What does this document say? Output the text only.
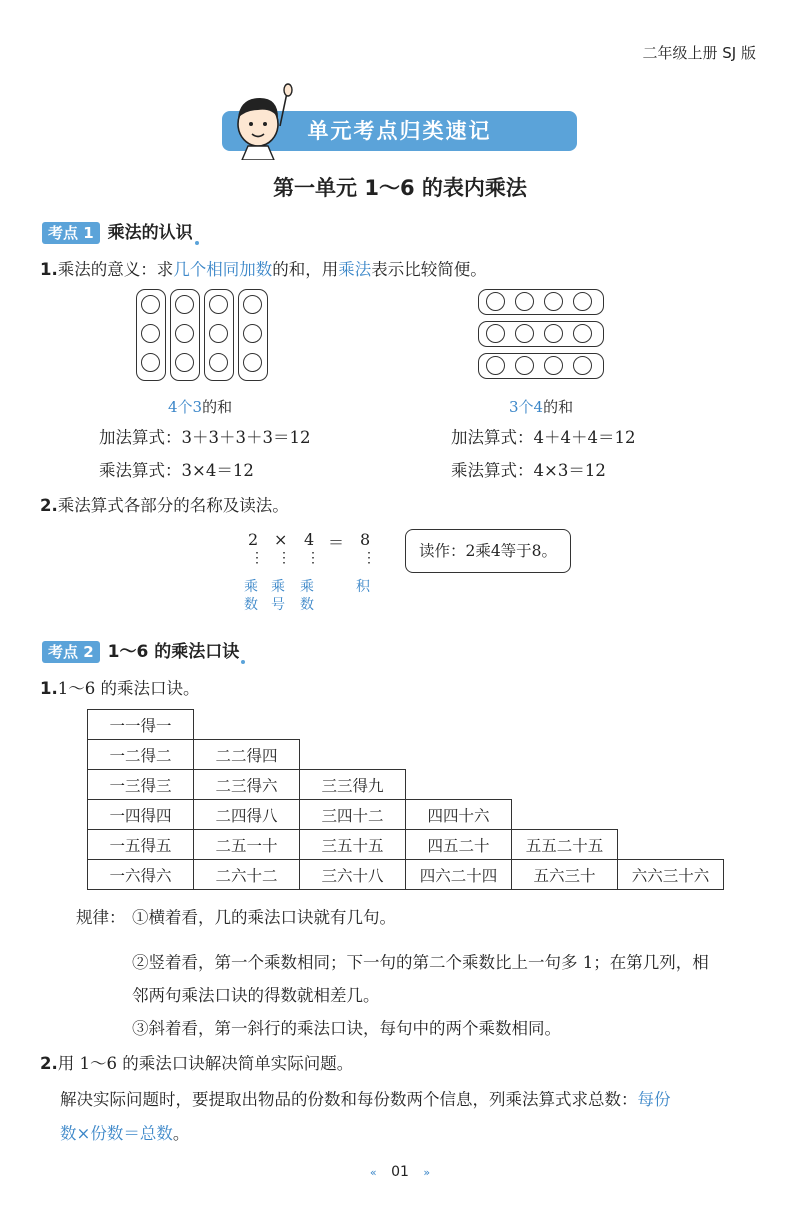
二年级上册 SJ 版
单元考点归类速记
第一单元 1～6 的表内乘法
考点 1 乘法的认识
1.乘法的意义：求几个相同加数的和，用乘法表示比较简便。
4个3的和	3个4的和
加法算式：3＋3＋3＋3＝12
乘法算式：3×4＝12
加法算式：4＋4＋4＝12
乘法算式：4×3＝12
2.乘法算式各部分的名称及读法。
2 × 4 ＝ 8
⋮ ⋮ ⋮	⋮
乘数
乘号
乘数
积
读作：2乘4等于8。
考点 2 1～6 的乘法口诀
1.1～6 的乘法口诀。
一一得一					
一二得二	二二得四				
一三得三	二三得六	三三得九			
一四得四	二四得八	三四十二	四四十六		
一五得五	二五一十	三五十五	四五二十	五五二十五	
一六得六	二六十二	三六十八	四六二十四	五六三十	六六三十六
规律： ①横着看，几的乘法口诀就有几句。
②竖着看，第一个乘数相同；下一句的第二个乘数比上一句多 1；在第几列，相
邻两句乘法口诀的得数就相差几。
③斜着看，第一斜行的乘法口诀，每句中的两个乘数相同。
2.用 1～6 的乘法口诀解决简单实际问题。
解决实际问题时，要提取出物品的份数和每份数两个信息，列乘法算式求总数：每份
数×份数＝总数。
« 01 »
